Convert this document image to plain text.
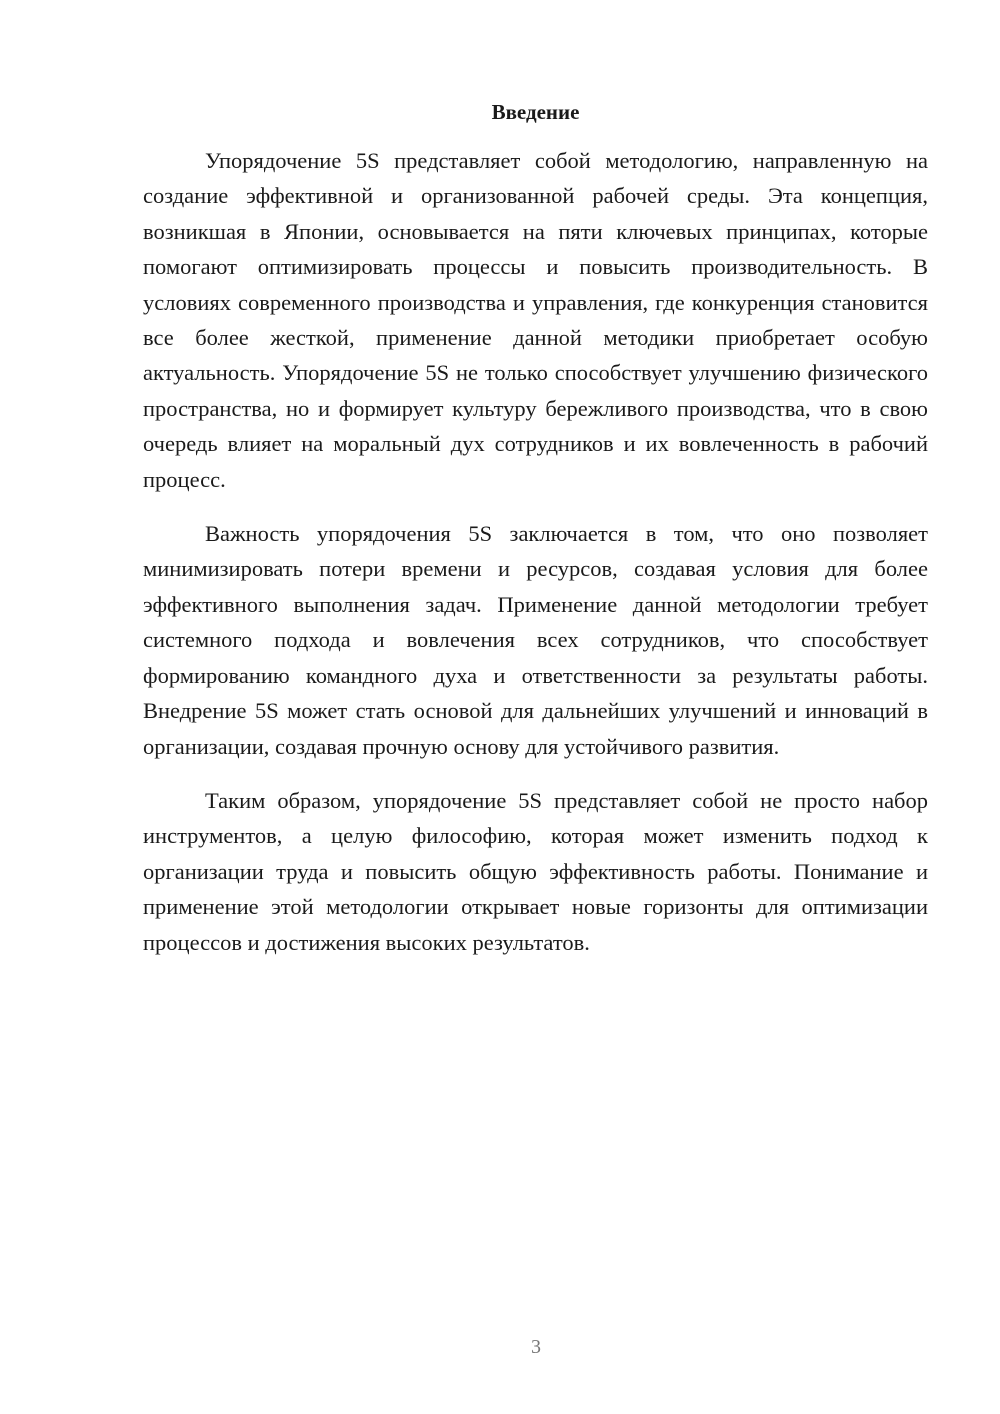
Введение

Упорядочение 5S представляет собой методологию, направленную на создание эффективной и организованной рабочей среды. Эта концепция, возникшая в Японии, основывается на пяти ключевых принципах, которые помогают оптимизировать процессы и повысить производительность. В условиях современного производства и управления, где конкуренция становится все более жесткой, применение данной методики приобретает особую актуальность. Упорядочение 5S не только способствует улучшению физического пространства, но и формирует культуру бережливого производства, что в свою очередь влияет на моральный дух сотрудников и их вовлеченность в рабочий процесс.

Важность упорядочения 5S заключается в том, что оно позволяет минимизировать потери времени и ресурсов, создавая условия для более эффективного выполнения задач. Применение данной методологии требует системного подхода и вовлечения всех сотрудников, что способствует формированию командного духа и ответственности за результаты работы. Внедрение 5S может стать основой для дальнейших улучшений и инноваций в организации, создавая прочную основу для устойчивого развития.

Таким образом, упорядочение 5S представляет собой не просто набор инструментов, а целую философию, которая может изменить подход к организации труда и повысить общую эффективность работы. Понимание и применение этой методологии открывает новые горизонты для оптимизации процессов и достижения высоких результатов.

3
